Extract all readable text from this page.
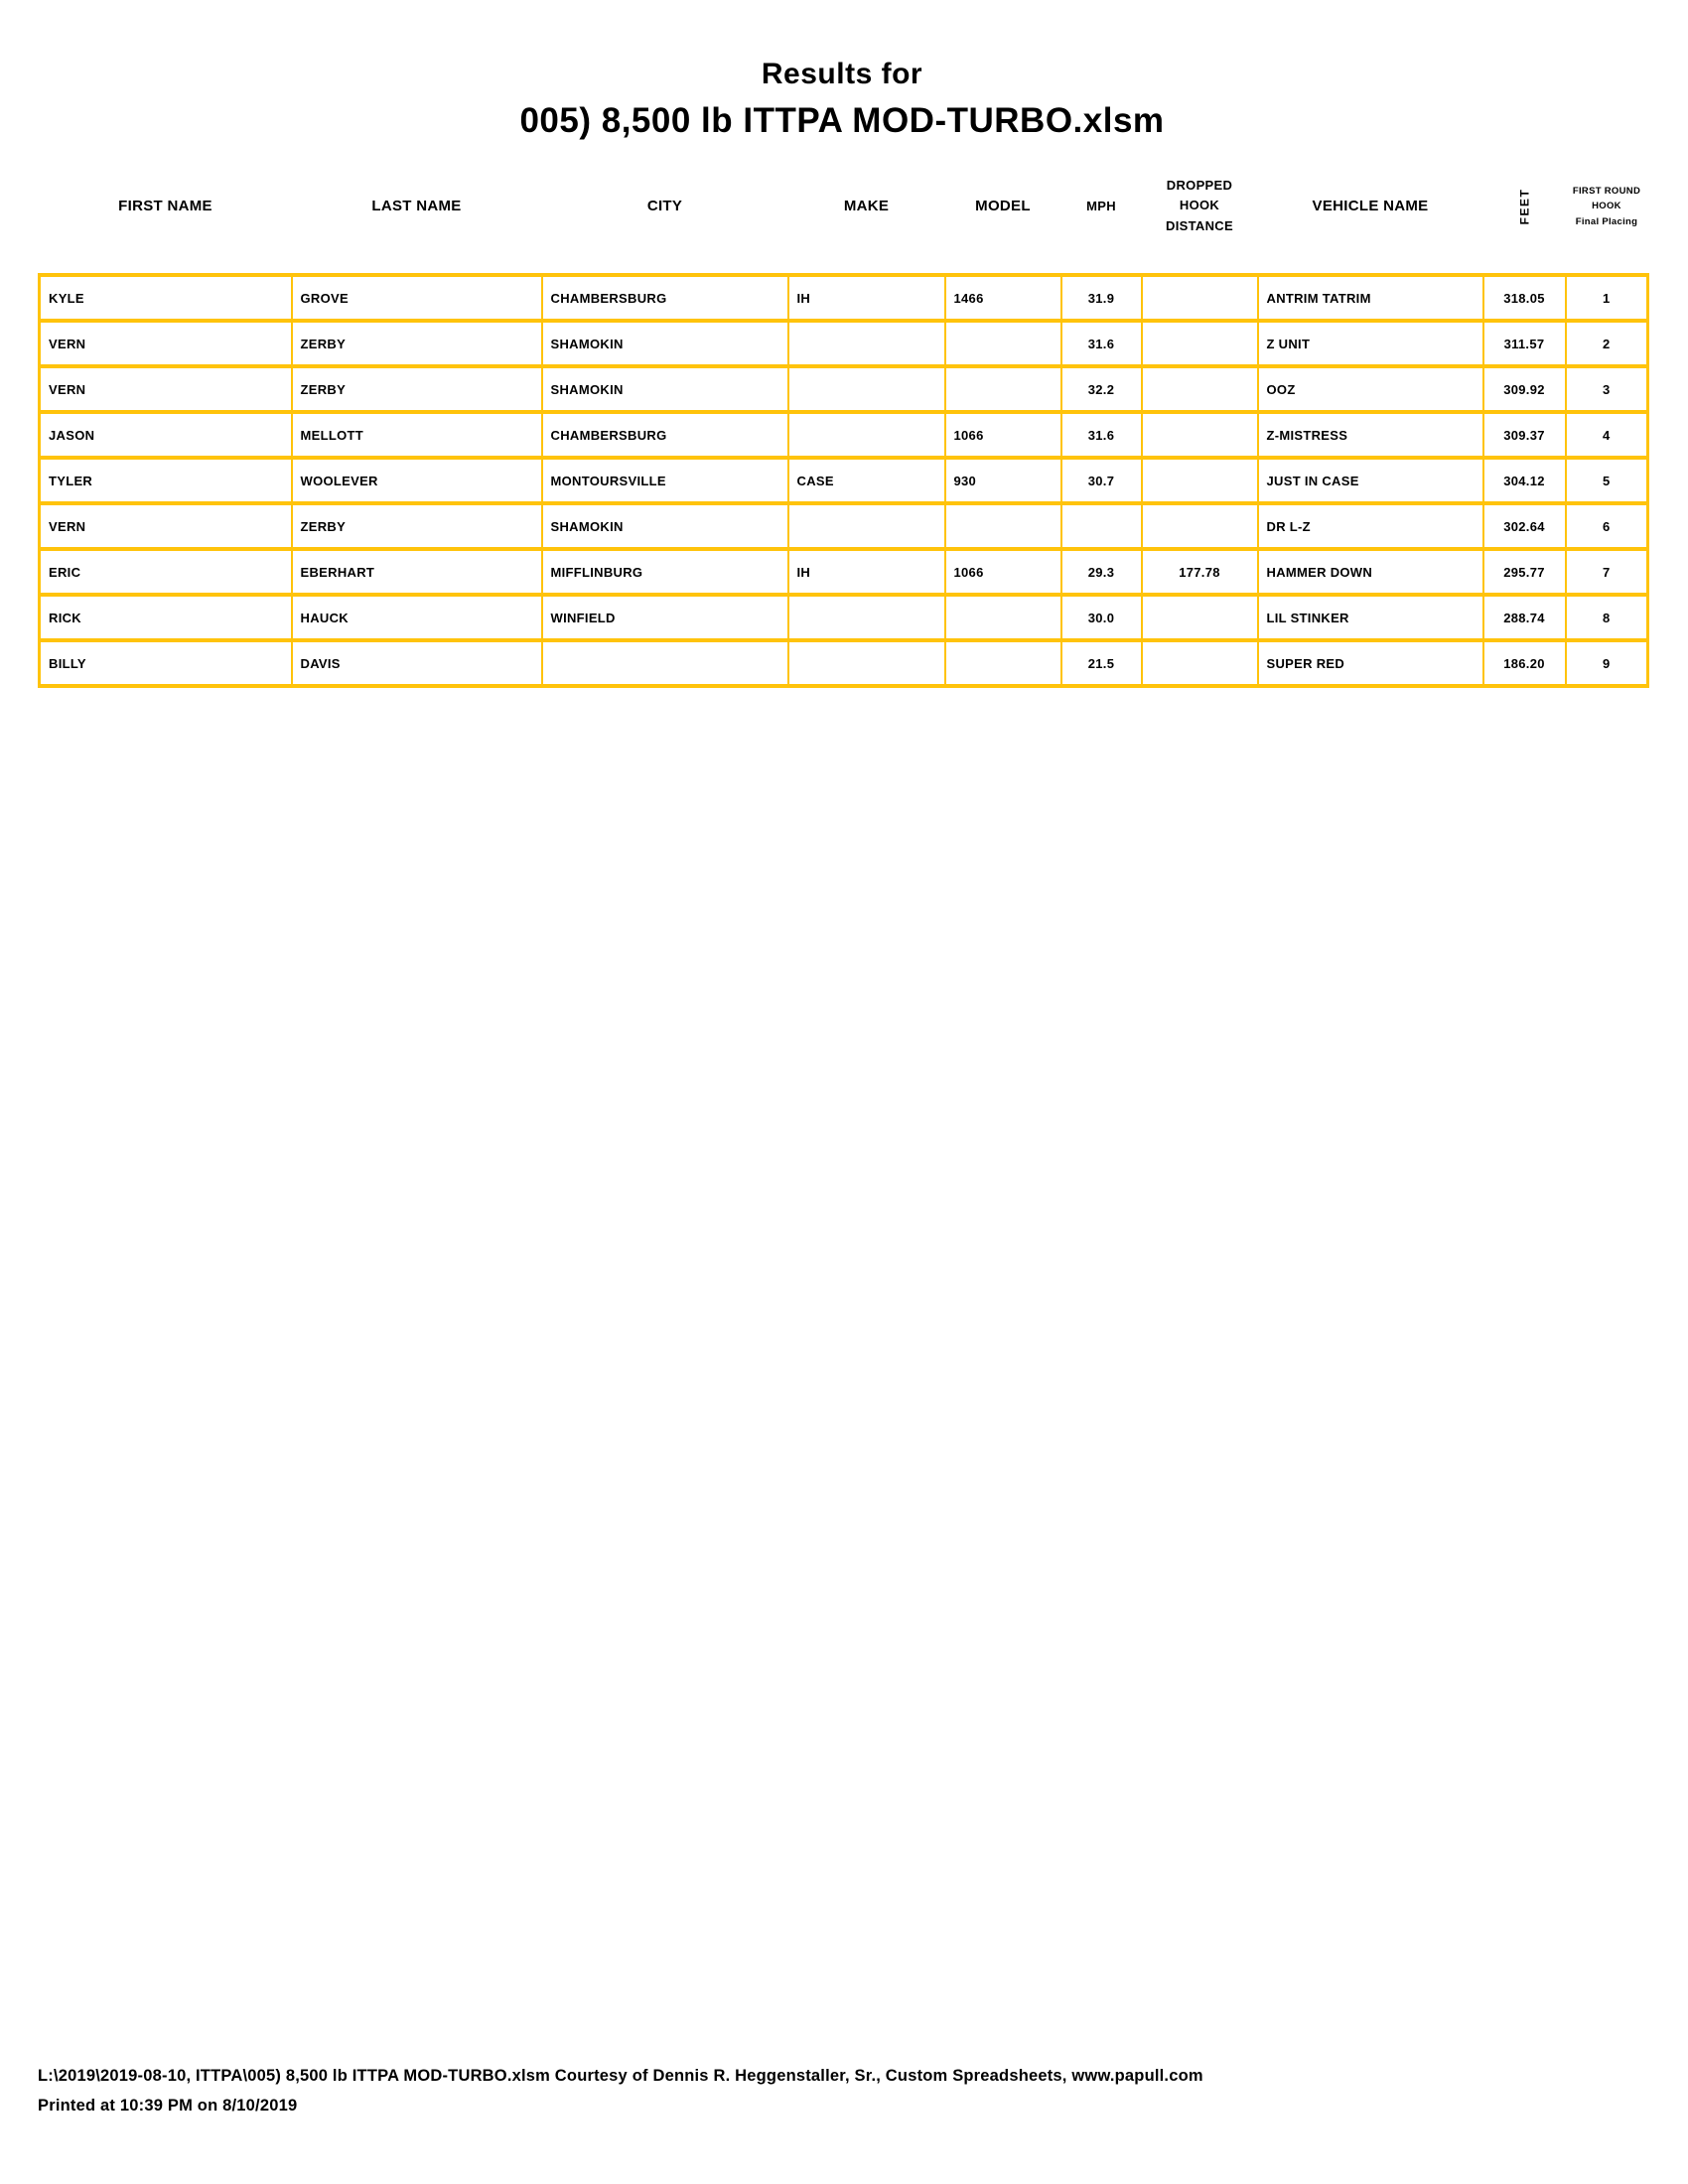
Results for
005) 8,500 lb ITTPA MOD-TURBO.xlsm
FIRST NAME	LAST NAME	CITY	MAKE	MODEL	MPH	DROPPED HOOK DISTANCE	VEHICLE NAME	FEET	FIRST ROUND HOOK
Final Placing

KYLE	GROVE	CHAMBERSBURG	IH	1466	31.9		ANTRIM TATRIM	318.05	1
VERN	ZERBY	SHAMOKIN			31.6		Z UNIT	311.57	2
VERN	ZERBY	SHAMOKIN			32.2		OOZ	309.92	3
JASON	MELLOTT	CHAMBERSBURG		1066	31.6		Z-MISTRESS	309.37	4
TYLER	WOOLEVER	MONTOURSVILLE	CASE	930	30.7		JUST IN CASE	304.12	5
VERN	ZERBY	SHAMOKIN					DR L-Z	302.64	6
ERIC	EBERHART	MIFFLINBURG	IH	1066	29.3	177.78	HAMMER DOWN	295.77	7
RICK	HAUCK	WINFIELD			30.0		LIL STINKER	288.74	8
BILLY	DAVIS				21.5		SUPER RED	186.20	9
L:\2019\2019-08-10, ITTPA\005) 8,500 lb ITTPA MOD-TURBO.xlsm Courtesy of Dennis R. Heggenstaller, Sr., Custom Spreadsheets, www.papull.com
Printed at 10:39 PM on 8/10/2019
